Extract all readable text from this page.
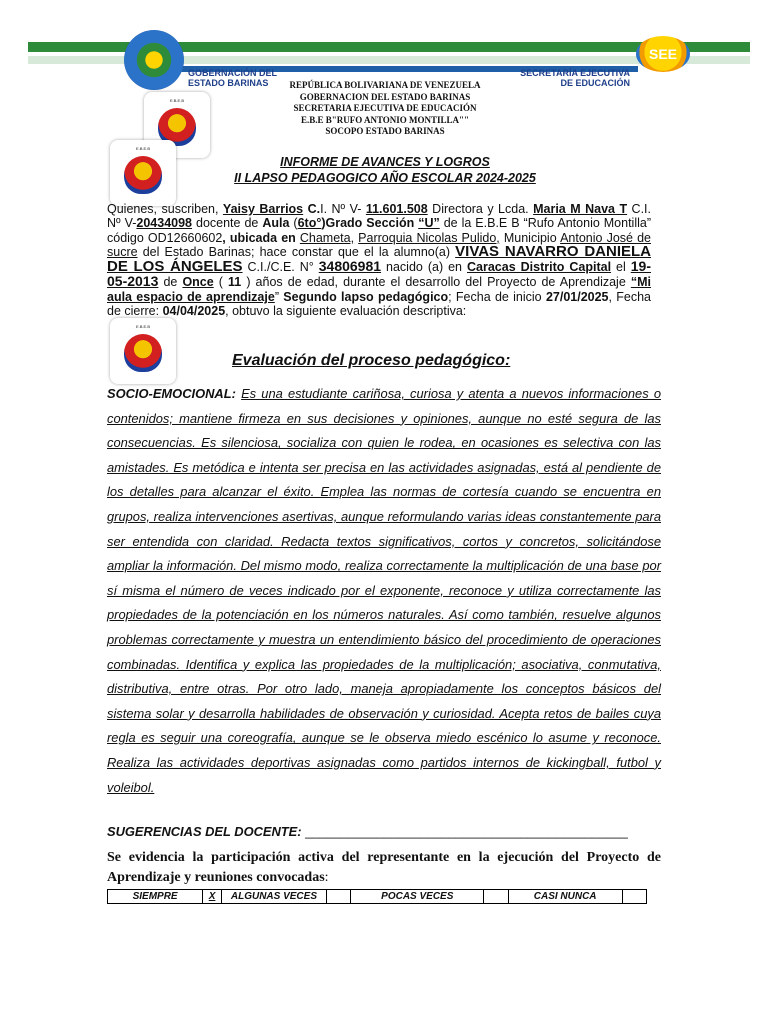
GOBERNACIÓN DEL
ESTADO BARINAS
SECRETARÍA EJECUTIVA
DE EDUCACIÓN
SEE
REPÚBLICA BOLIVARIANA DE VENEZUELA
GOBERNACION DEL ESTADO BARINAS
SECRETARIA EJECUTIVA DE EDUCACIÓN
E.B.E B"RUFO ANTONIO MONTILLA""
SOCOPO ESTADO BARINAS
E.B.E.B
E.B.E.B
INFORME DE AVANCES Y LOGROS
II LAPSO PEDAGOGICO AÑO ESCOLAR 2024-2025
Quienes, suscriben, Yaisy Barrios C.I. Nº V- 11.601.508 Directora y Lcda. Maria M Nava T C.I. Nº V-20434098 docente de Aula (6to°)Grado Sección “U” de la E.B.E B “Rufo Antonio Montilla” código OD12660602, ubicada en Chameta, Parroquia Nicolas Pulido, Municipio Antonio José de sucre del Estado Barinas; hace constar que el la alumno(a) VIVAS NAVARRO DANIELA DE LOS ÁNGELES C.I./C.E. N° 34806981 nacido (a) en Caracas Distrito Capital el 19-05-2013 de Once ( 11 ) años de edad, durante el desarrollo del Proyecto de Aprendizaje “Mi aula espacio de aprendizaje” Segundo lapso pedagógico; Fecha de inicio 27/01/2025, Fecha de cierre: 04/04/2025, obtuvo la siguiente evaluación descriptiva:
E.B.E.B
Evaluación del proceso pedagógico:
SOCIO-EMOCIONAL: Es una estudiante cariñosa, curiosa y atenta a nuevos informaciones o contenidos; mantiene firmeza en sus decisiones y opiniones, aunque no esté segura de las consecuencias. Es silenciosa, socializa con quien le rodea, en ocasiones es selectiva con las amistades. Es metódica e intenta ser precisa en las actividades asignadas, está al pendiente de los detalles para alcanzar el éxito. Emplea las normas de cortesía cuando se encuentra en grupos, realiza intervenciones asertivas, aunque reformulando varias ideas constantemente para ser entendida con claridad. Redacta textos significativos, cortos y concretos, solicitándose ampliar la información. Del mismo modo, realiza correctamente la multiplicación de una base por sí misma el número de veces indicado por el exponente, reconoce y utiliza correctamente las propiedades de la potenciación en los números naturales. Así como también, resuelve algunos problemas correctamente y muestra un entendimiento básico del procedimiento de operaciones combinadas. Identifica y explica las propiedades de la multiplicación; asociativa, conmutativa, distributiva, entre otras. Por otro lado, maneja apropiadamente los conceptos básicos del sistema solar y desarrolla habilidades de observación y curiosidad. Acepta retos de bailes cuya regla es seguir una coreografía, aunque se le observa miedo escénico lo asume y reconoce. Realiza las actividades deportivas asignadas como partidos internos de kickingball, futbol y voleibol.
SUGERENCIAS DEL DOCENTE: _____________________________________________
Se evidencia la participación activa del representante en la ejecución del Proyecto de Aprendizaje y reuniones convocadas:
SIEMPRE	X	ALGUNAS VECES		POCAS VECES		CASI NUNCA	
